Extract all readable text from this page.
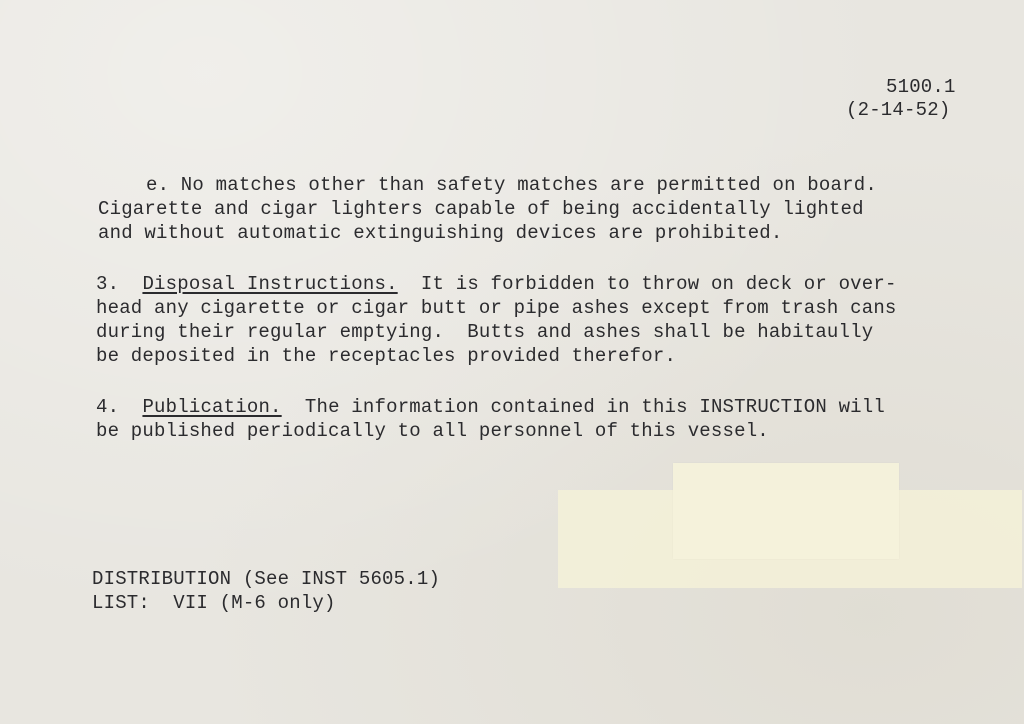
5100.1
(2-14-52)
e. No matches other than safety matches are permitted on board.
Cigarette and cigar lighters capable of being accidentally lighted
and without automatic extinguishing devices are prohibited.
3. Disposal Instructions. It is forbidden to throw on deck or over-
head any cigarette or cigar butt or pipe ashes except from trash cans
during their regular emptying.  Butts and ashes shall be habitaully
be deposited in the receptacles provided therefor.
4. Publication. The information contained in this INSTRUCTION will
be published periodically to all personnel of this vessel.
DISTRIBUTION (See INST 5605.1)
LIST:  VII (M-6 only)
